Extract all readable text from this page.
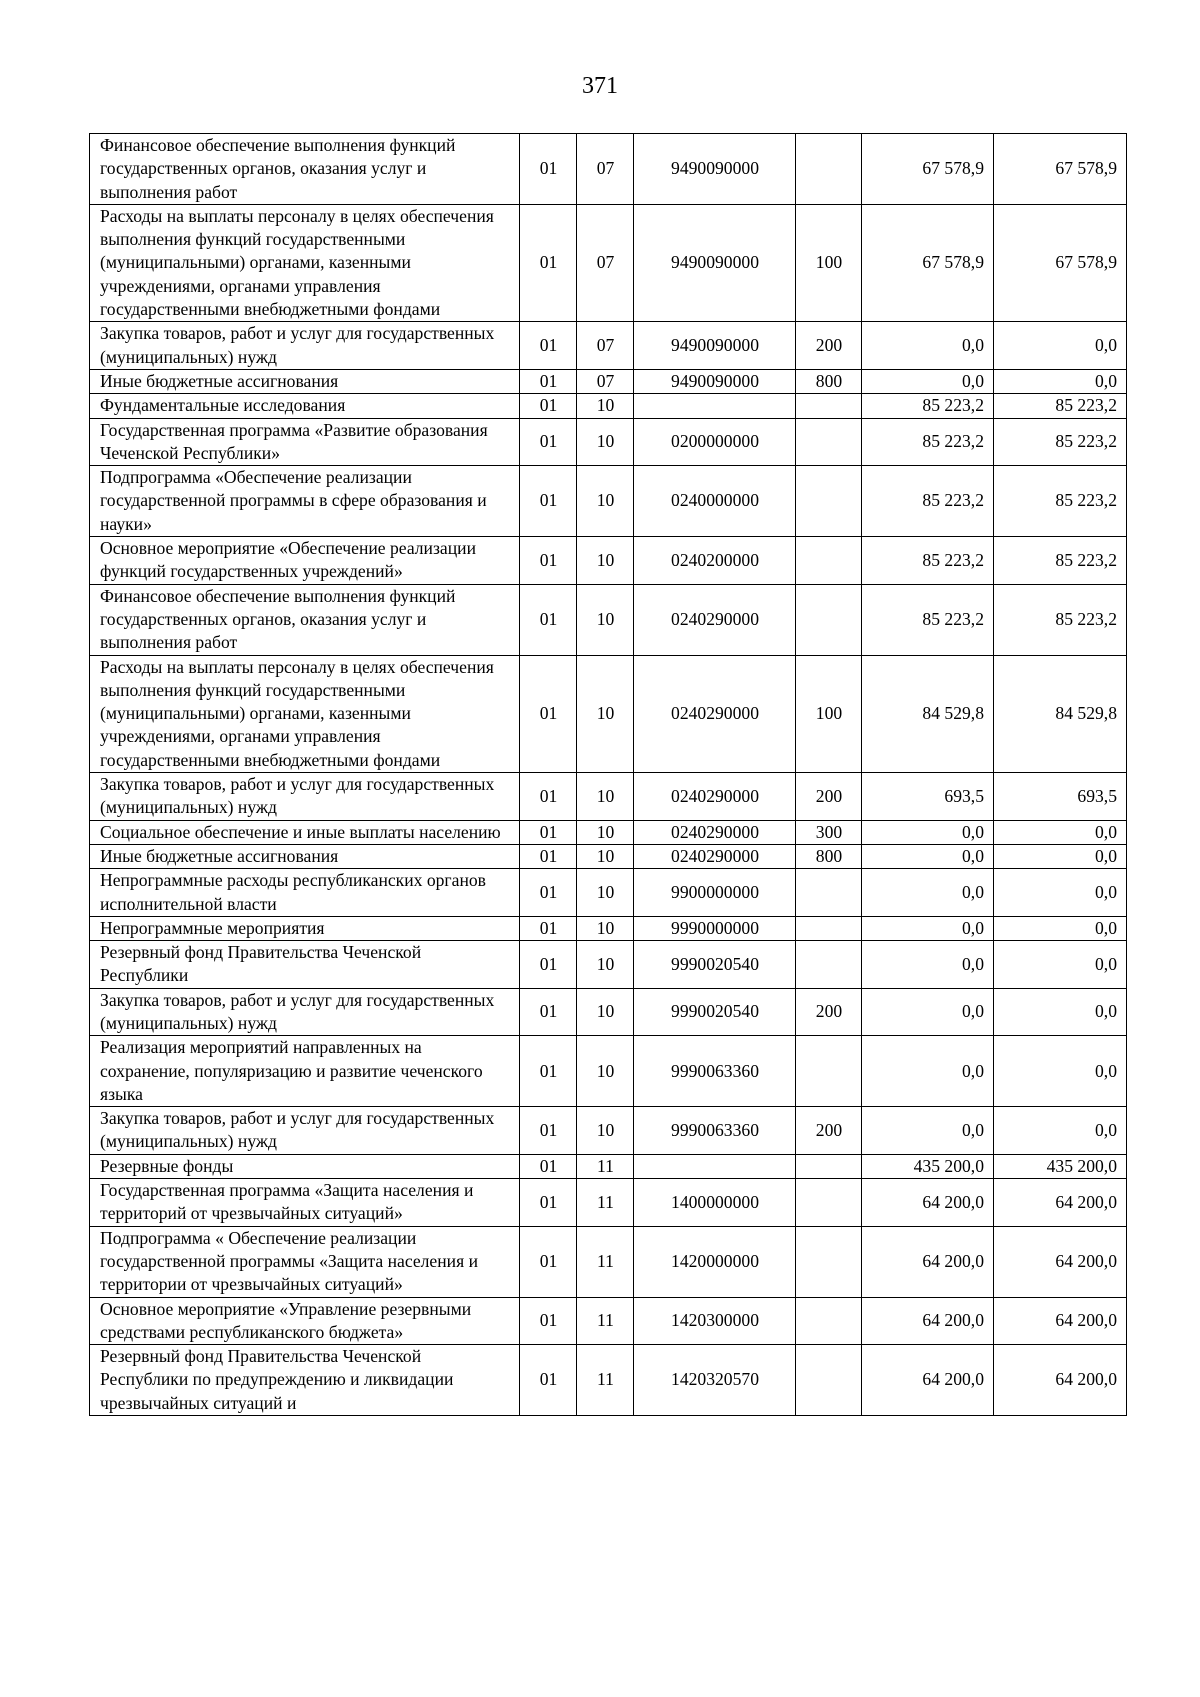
371
Финансовое обеспечение выполнения функций государственных органов, оказания услуг и выполнения работ	01	07	9490090000		67 578,9	67 578,9
Расходы на выплаты персоналу в целях обеспечения выполнения функций государственными (муниципальными) органами, казенными учреждениями, органами управления государственными внебюджетными фондами	01	07	9490090000	100	67 578,9	67 578,9
Закупка товаров, работ и услуг для государственных (муниципальных) нужд	01	07	9490090000	200	0,0	0,0
Иные бюджетные ассигнования	01	07	9490090000	800	0,0	0,0
Фундаментальные исследования	01	10			85 223,2	85 223,2
Государственная программа «Развитие образования Чеченской Республики»	01	10	0200000000		85 223,2	85 223,2
Подпрограмма «Обеспечение реализации государственной программы в сфере образования и науки»	01	10	0240000000		85 223,2	85 223,2
Основное мероприятие «Обеспечение реализации функций государственных учреждений»	01	10	0240200000		85 223,2	85 223,2
Финансовое обеспечение выполнения функций государственных органов, оказания услуг и выполнения работ	01	10	0240290000		85 223,2	85 223,2
Расходы на выплаты персоналу в целях обеспечения выполнения функций государственными (муниципальными) органами, казенными учреждениями, органами управления государственными внебюджетными фондами	01	10	0240290000	100	84 529,8	84 529,8
Закупка товаров, работ и услуг для государственных (муниципальных) нужд	01	10	0240290000	200	693,5	693,5
Социальное обеспечение и иные выплаты населению	01	10	0240290000	300	0,0	0,0
Иные бюджетные ассигнования	01	10	0240290000	800	0,0	0,0
Непрограммные расходы республиканских органов исполнительной власти	01	10	9900000000		0,0	0,0
Непрограммные мероприятия	01	10	9990000000		0,0	0,0
Резервный фонд Правительства Чеченской Республики	01	10	9990020540		0,0	0,0
Закупка товаров, работ и услуг для государственных (муниципальных) нужд	01	10	9990020540	200	0,0	0,0
Реализация мероприятий направленных на сохранение, популяризацию и развитие чеченского языка	01	10	9990063360		0,0	0,0
Закупка товаров, работ и услуг для государственных (муниципальных) нужд	01	10	9990063360	200	0,0	0,0
Резервные фонды	01	11			435 200,0	435 200,0
Государственная программа «Защита населения и территорий от чрезвычайных ситуаций»	01	11	1400000000		64 200,0	64 200,0
Подпрограмма « Обеспечение реализации государственной программы «Защита населения и территории от чрезвычайных ситуаций»	01	11	1420000000		64 200,0	64 200,0
Основное мероприятие «Управление резервными средствами республиканского бюджета»	01	11	1420300000		64 200,0	64 200,0
Резервный фонд Правительства Чеченской Республики по предупреждению и ликвидации чрезвычайных ситуаций и	01	11	1420320570		64 200,0	64 200,0
